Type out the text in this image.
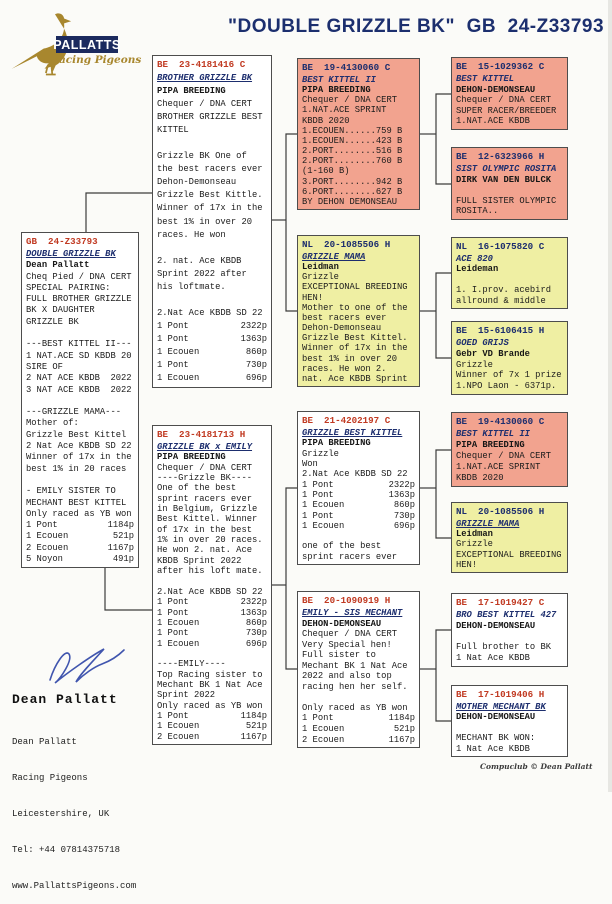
"DOUBLE GRIZZLE BK"  GB  24-Z33793
PALLATTS
Racing Pigeons
GB  24-Z33793
DOUBLE GRIZZLE BK
Dean Pallatt
Cheq Pied / DNA CERT
SPECIAL PAIRING:
FULL BROTHER GRIZZLE
BK X DAUGHTER
GRIZZLE BK

---BEST KITTEL II---
1 NAT.ACE SD KBDB 20
SIRE OF
2 NAT ACE KBDB  2022
3 NAT ACE KBDB  2022

---GRIZZLE MAMA---
Mother of:
Grizzle Best Kittel
2 Nat Ace KBDB SD 22
Winner of 17x in the
best 1% in 20 races

- EMILY SISTER TO
MECHANT BEST KITTEL
Only raced as YB won
1 Pont	1184p
1 Ecouen	521p
2 Ecouen	1167p
5 Noyon	491p
BE  23-4181416 C
BROTHER GRIZZLE BK
PIPA BREEDING
Chequer / DNA CERT
BROTHER GRIZZLE BEST
KITTEL

Grizzle BK One of
the best racers ever
Dehon-Demonseau
Grizzle Best Kittle.
Winner of 17x in the
best 1% in over 20
races. He won

2. nat. Ace KBDB
Sprint 2022 after
his loftmate.

2.Nat Ace KBDB SD 22
1 Pont	2322p
1 Pont	1363p
1 Ecouen	860p
1 Pont	730p
1 Ecouen	696p
BE  23-4181713 H
GRIZZLE BK x EMILY
PIPA BREEDING
Chequer / DNA CERT
----Grizzle BK----
One of the best
sprint racers ever
in Belgium, Grizzle
Best Kittel. Winner
of 17x in the best
1% in over 20 races.
He won 2. nat. Ace
KBDB Sprint 2022
after his loft mate.

2.Nat Ace KBDB SD 22
1 Pont	2322p
1 Pont	1363p
1 Ecouen	860p
1 Pont	730p
1 Ecouen	696p

----EMILY----
Top Racing sister to
Mechant BK 1 Nat Ace
Sprint 2022
Only raced as YB won
1 Pont	1184p
1 Ecouen	521p
2 Ecouen	1167p
BE  19-4130060 C
BEST KITTEL II
PIPA BREEDING
Chequer / DNA CERT
1.NAT.ACE SPRINT
KBDB 2020
1.ECOUEN......759 B
1.ECOUEN......423 B
2.PORT........516 B
2.PORT........760 B
(1-160 B)
3.PORT........942 B
6.PORT........627 B
BY DEHON DEMONSEAU
NL  20-1085506 H
GRIZZLE MAMA
Leidman
Grizzle
EXCEPTIONAL BREEDING
HEN!
Mother to one of the
best racers ever
Dehon-Demonseau
Grizzle Best Kittel.
Winner of 17x in the
best 1% in over 20
races. He won 2.
nat. Ace KBDB Sprint
BE  21-4202197 C
GRIZZLE BEST KITTEL
PIPA BREEDING
Grizzle
Won
2.Nat Ace KBDB SD 22
1 Pont	2322p
1 Pont	1363p
1 Ecouen	860p
1 Pont	730p
1 Ecouen	696p

one of the best
sprint racers ever
BE  20-1090919 H
EMILY - SIS MECHANT
DEHON-DEMONSEAU
Chequer / DNA CERT
Very Special hen!
Full sister to
Mechant BK 1 Nat Ace
2022 and also top
racing hen her self.

Only raced as YB won
1 Pont	1184p
1 Ecouen	521p
2 Ecouen	1167p
BE  15-1029362 C
BEST KITTEL
DEHON-DEMONSEAU
Chequer / DNA CERT
SUPER RACER/BREEDER
1.NAT.ACE KBDB
BE  12-6323966 H
SIST OLYMPIC ROSITA
DIRK VAN DEN BULCK

FULL SISTER OLYMPIC
ROSITA..
NL  16-1075820 C
ACE 820
Leideman

1. I.prov. acebird
allround & middle
BE  15-6106415 H
GOED GRIJS
Gebr VD Brande
Grizzle
Winner of 7x 1 prize
1.NPO Laon - 6371p.
BE  19-4130060 C
BEST KITTEL II
PIPA BREEDING
Chequer / DNA CERT
1.NAT.ACE SPRINT
KBDB 2020
NL  20-1085506 H
GRIZZLE MAMA
Leidman
Grizzle
EXCEPTIONAL BREEDING
HEN!
BE  17-1019427 C
BRO BEST KITTEL 427
DEHON-DEMONSEAU

Full brother to BK
1 Nat Ace KBDB
BE  17-1019406 H
MOTHER MECHANT BK
DEHON-DEMONSEAU

MECHANT BK WON:
1 Nat Ace KBDB
Dean Pallatt

Dean Pallatt

Racing Pigeons

Leicestershire, UK

Tel: +44 07814375718

www.PallattsPigeons.com

Compuclub © Dean Pallatt
